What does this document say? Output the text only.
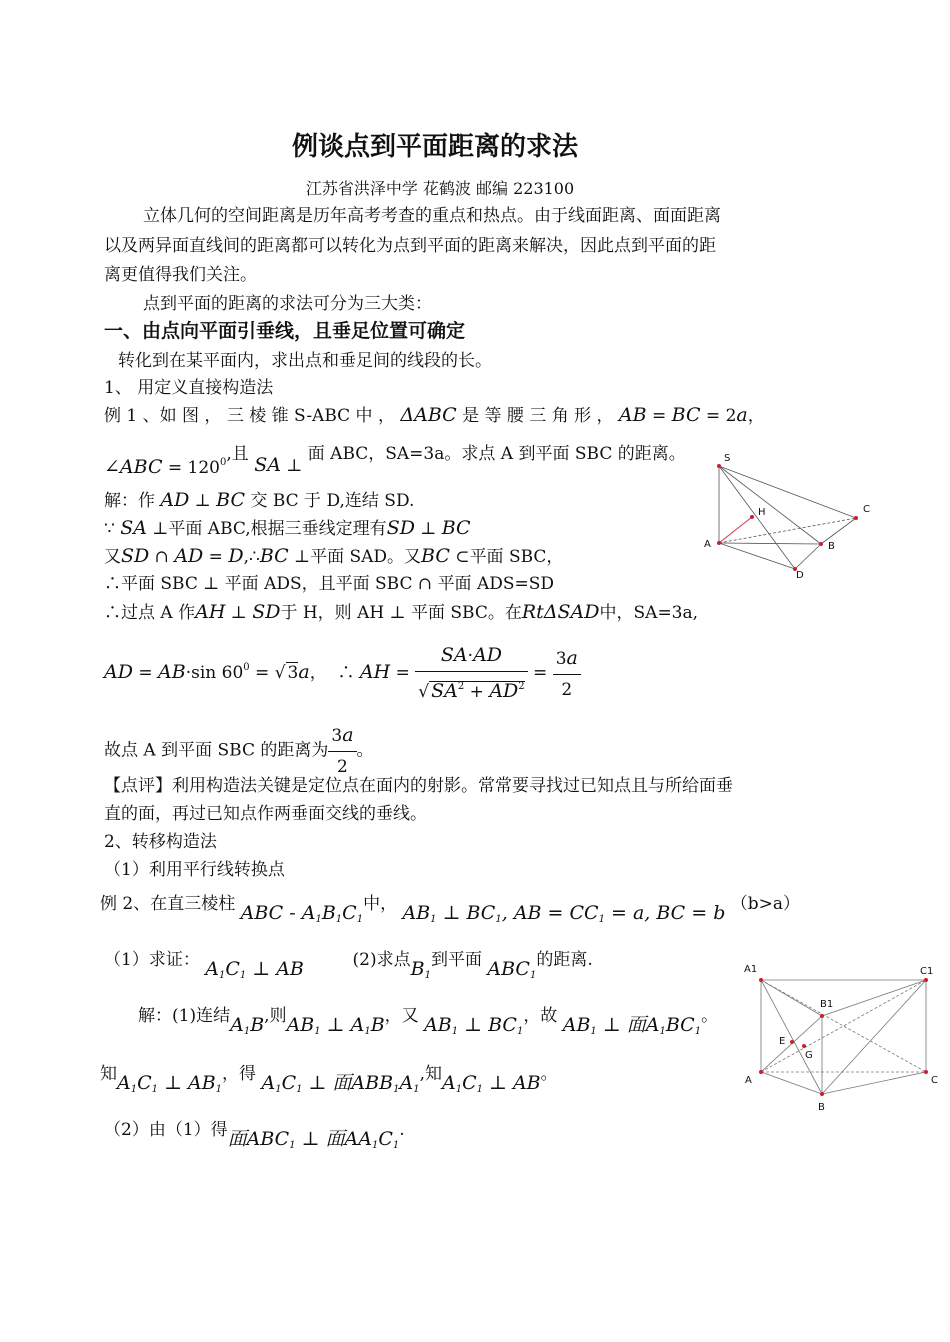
例谈点到平面距离的求法
江苏省洪泽中学 花鹤波 邮编 223100
立体几何的空间距离是历年高考考查的重点和热点。由于线面距离、面面距离
以及两异面直线间的距离都可以转化为点到平面的距离来解决，因此点到平面的距
离更值得我们关注。
点到平面的距离的求法可分为三大类：
一、由点向平面引垂线，且垂足位置可确定
转化到在某平面内，求出点和垂足间的线段的长。
1、 用定义直接构造法
例 1 、如 图 ， 三 棱 锥 S-ABC 中 ， ΔABC 是 等 腰 三 角 形 ， AB = BC = 2a，
∠ABC = $120^0$,且 SA ⊥ 面 ABC，SA=3a。求点 A 到平面 SBC 的距离。
解：作 AD ⊥ BC 交 BC 于 D,连结 SD.
∵ SA ⊥平面 ABC,根据三垂线定理有SD ⊥ BC
又SD ∩ AD = D,∴BC ⊥平面 SAD。又BC ⊂平面 SBC，
∴平面 SBC ⊥ 平面 ADS，且平面 SBC ∩ 平面 ADS=SD
∴过点 A 作AH ⊥ SD于 H，则 AH ⊥ 平面 SBC。在RtΔSAD中，SA=3a,
AD = AB·sin $60^0$ = √ 3a，  ∴ AH = $\frac{SA\cdot AD}{√ SA^2 + AD^2} = \frac{3a}{2}$
故点 A 到平面 SBC 的距离为 $\frac{3a}{2}$ 。
【点评】利用构造法关键是定位点在面内的射影。常常要寻找过已知点且与所给面垂
直的面，再过已知点作两垂面交线的垂线。
2、转移构造法
（1）利用平行线转换点
例 2、在直三棱柱 ABC - $A_1B_1C_1$中， $AB_1$ ⊥ $BC_1$, AB = $CC_1 = a$, BC = b （b>a）
（1）求证： $A_1C_1$ ⊥ AB	(2)求点$B_1$到平面 $ABC_1$的距离.
解：(1)连结$A_1B$,则$AB_1$ ⊥ $A_1B$，又 $AB_1$ ⊥ $BC_1$，故 $AB_1$ ⊥ 面$A_1BC_1$。
知$A_1C_1$ ⊥ $AB_1$，得 $A_1C_1$ ⊥ 面$ABB_1A_1$,知$A_1C_1$ ⊥ AB。
（2）由（1）得面$ABC_1$ ⊥ 面$AA_1C_1$.
S
H	C
A	B
D
A1	C1
B1
E
G
A	C
B
